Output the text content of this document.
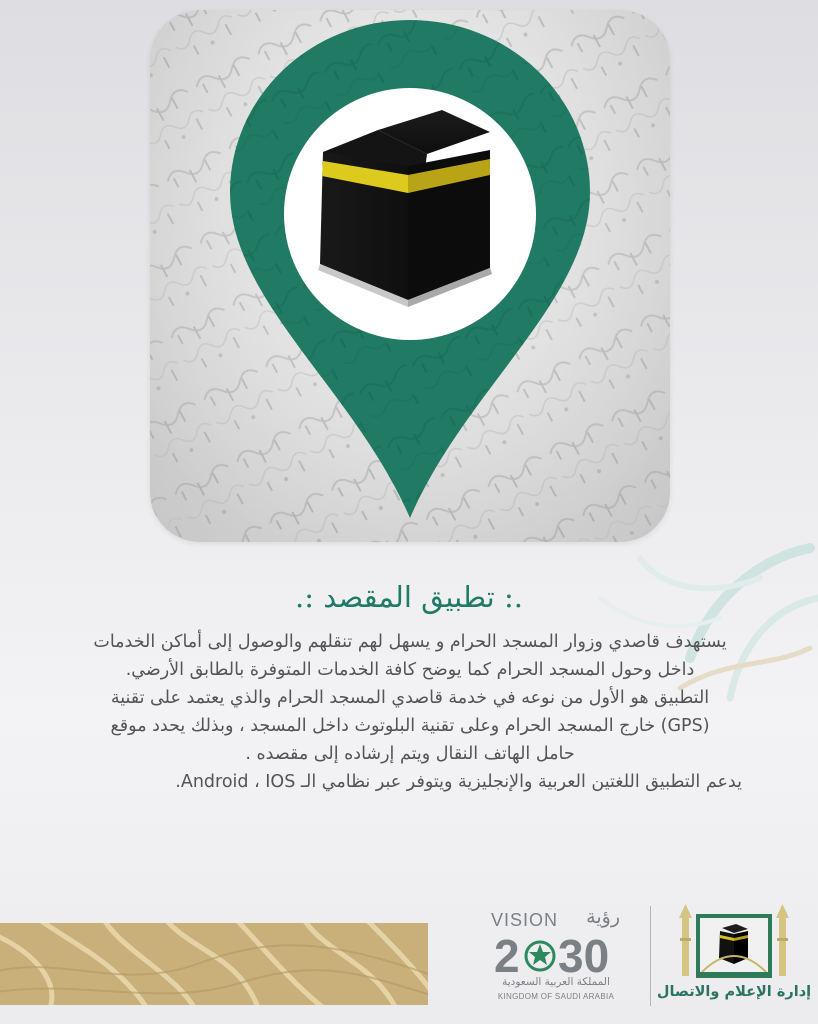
.: تطبيق المقصد :.

يستهدف قاصدي وزوار المسجد الحرام و يسهل لهم تنقلهم والوصول إلى أماكن الخدمات

داخل وحول المسجد الحرام كما يوضح كافة الخدمات المتوفرة بالطابق الأرضي.

التطبيق هو الأول من نوعه في خدمة قاصدي المسجد الحرام والذي يعتمد على تقنية

(GPS) خارج المسجد الحرام وعلى تقنية البلوتوث داخل المسجد ، وبذلك يحدد موقع

حامل الهاتف النقال ويتم إرشاده إلى مقصده .

يدعم التطبيق اللغتين العربية والإنجليزية ويتوفر عبر نظامي الـ Android ، IOS.

VISION رؤية
2 30
المملكة العربية السعودية
KINGDOM OF SAUDI ARABIA	إدارة الإعلام والاتصال
